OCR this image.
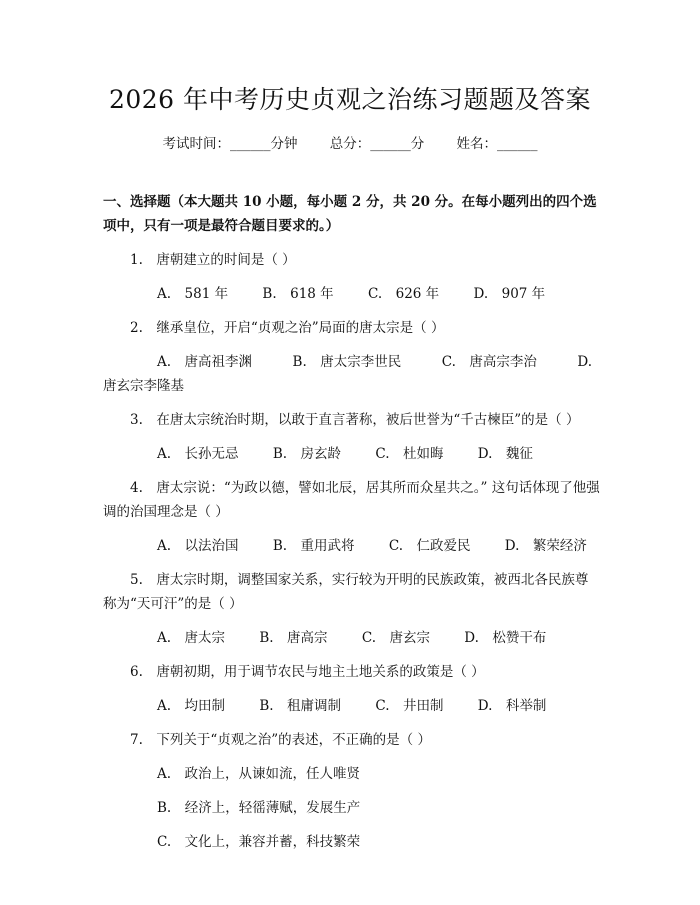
2026 年中考历史贞观之治练习题题及答案
考试时间：______分钟 总分：______分 姓名：______
一、选择题（本大题共 10 小题，每小题 2 分，共 20 分。在每小题列出的四个选项中，只有一项是最符合题目要求的。）
1.　唐朝建立的时间是（ ）
A.　581 年	B.　618 年	C.　626 年	D.　907 年
2.　继承皇位，开启“贞观之治”局面的唐太宗是（ ）
A.　唐高祖李渊　　　B.　唐太宗李世民　　　C.　唐高宗李治　　　D.　唐玄宗李隆基
3.　在唐太宗统治时期，以敢于直言著称，被后世誉为“千古楝臣”的是（ ）
A.　长孙无忌	B.　房玄龄	C.　杜如晦	D.　魏征
4.　唐太宗说：“为政以德，譬如北辰，居其所而众星共之。” 这句话体现了他强调的治国理念是（ ）
A.　以法治国	B.　重用武将	C.　仁政爱民	D.　繁荣经济
5.　唐太宗时期，调整国家关系，实行较为开明的民族政策，被西北各民族尊称为“天可汗”的是（ ）
A.　唐太宗	B.　唐高宗	C.　唐玄宗	D.　松赞干布
6.　唐朝初期，用于调节农民与地主土地关系的政策是（ ）
A.　均田制	B.　租庸调制	C.　井田制	D.　科举制
7.　下列关于“贞观之治”的表述，不正确的是（ ）
A.　政治上，从谏如流，任人唯贤
B.　经济上，轻徭薄赋，发展生产
C.　文化上，兼容并蓄，科技繁荣
